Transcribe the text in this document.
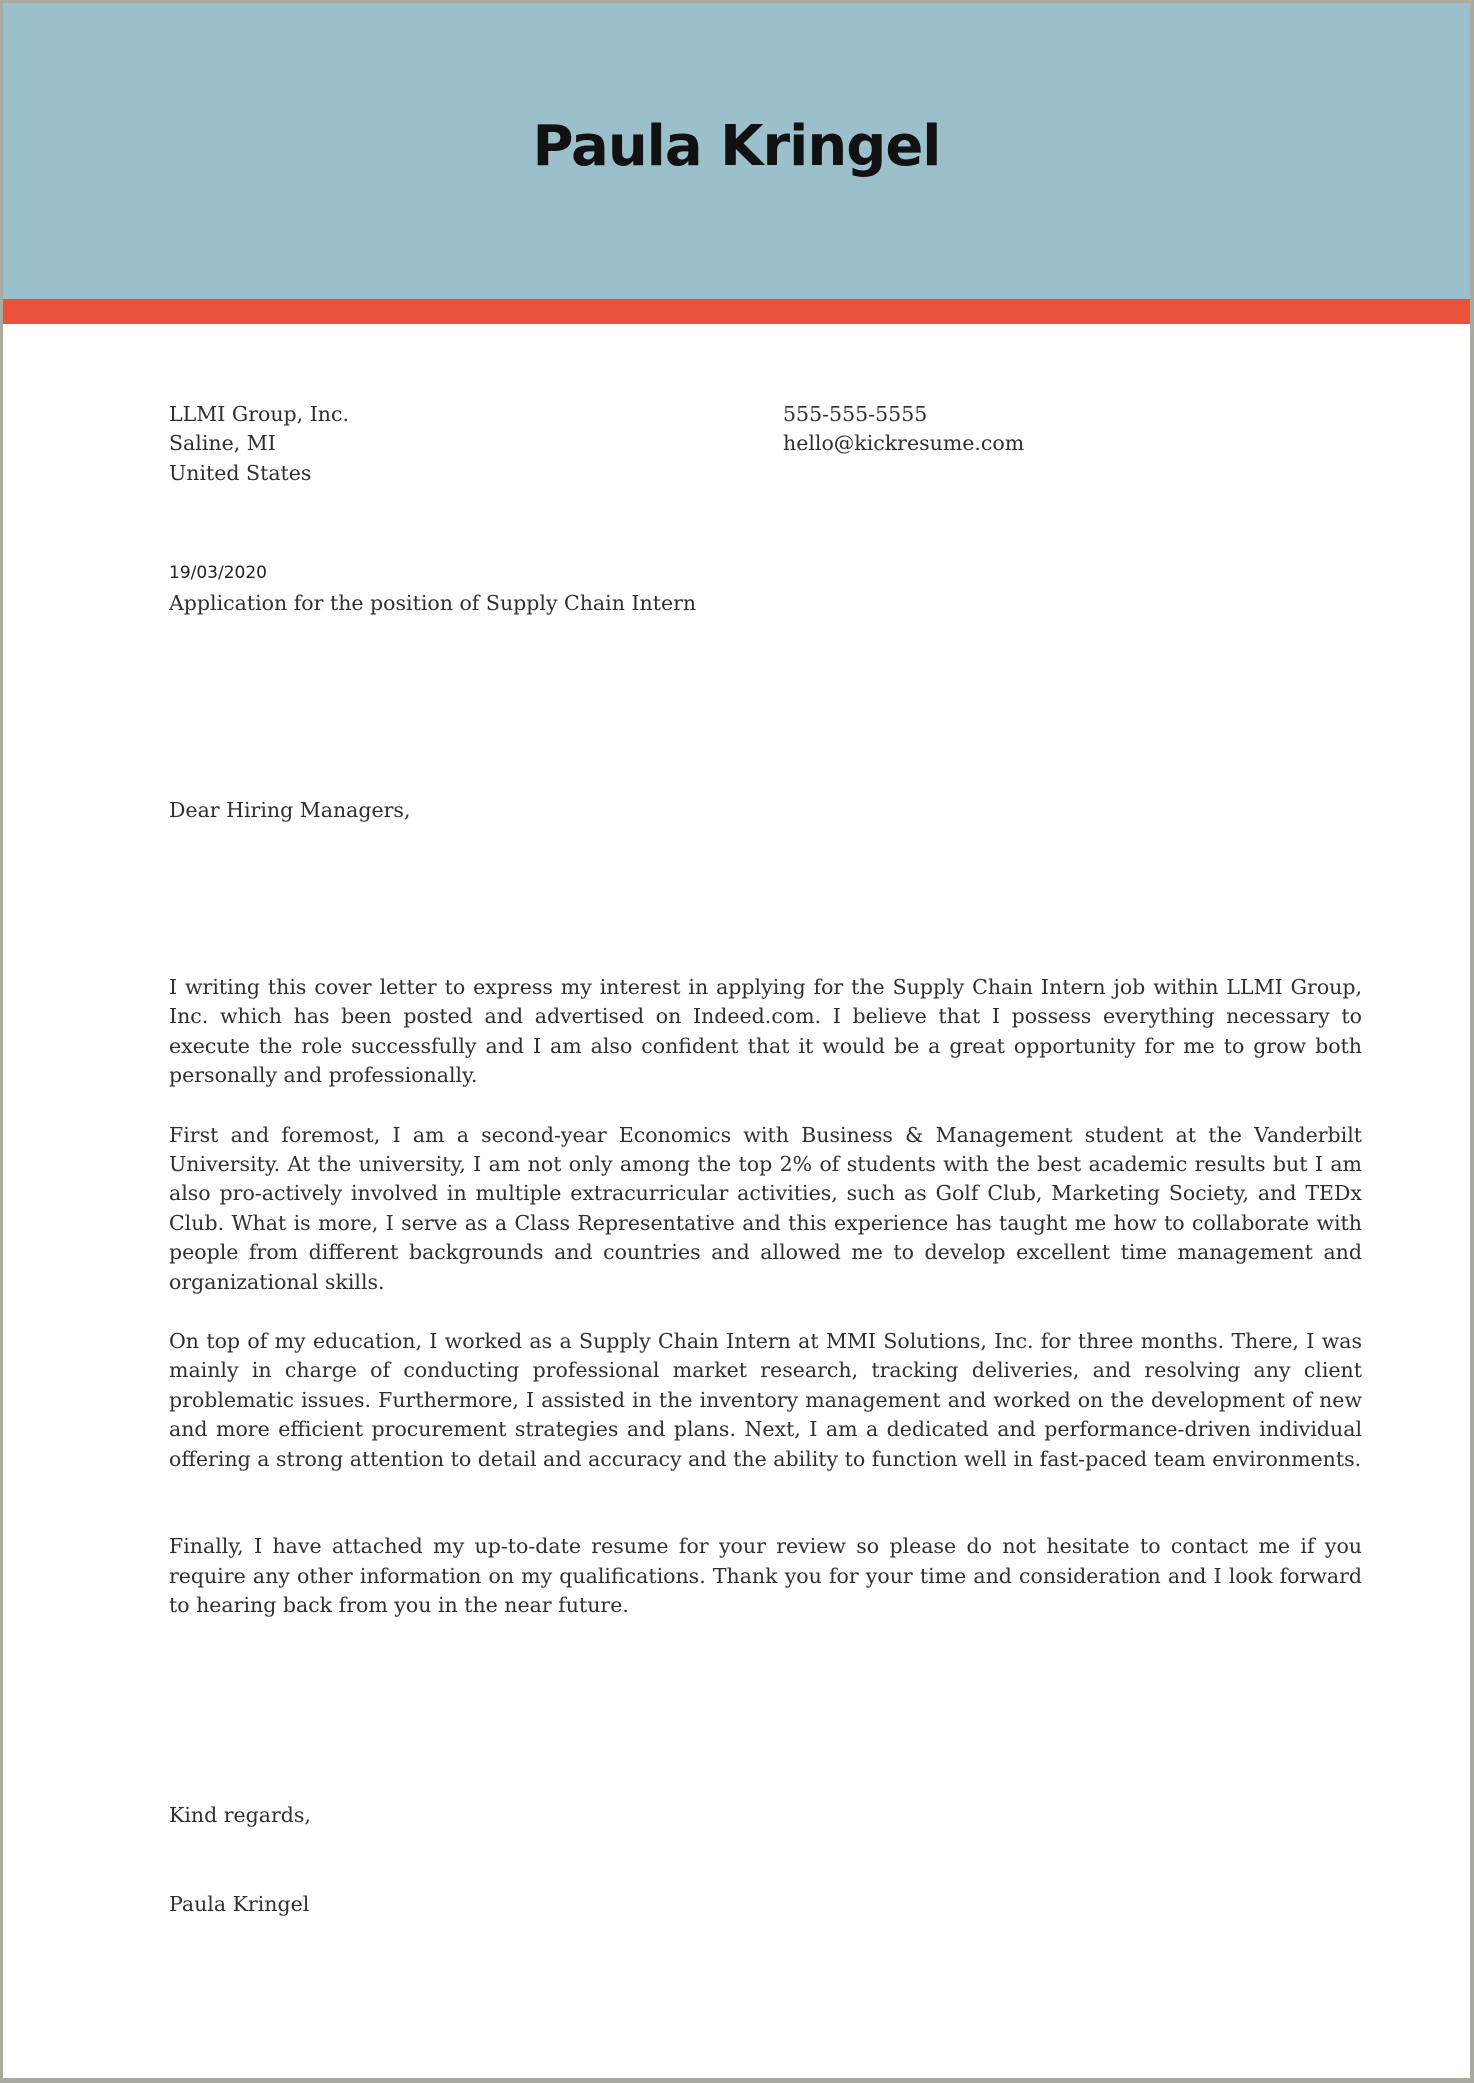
Paula Kringel
LLMI Group, Inc.
Saline, MI
United States
555-555-5555
hello@kickresume.com
19/03/2020
Application for the position of Supply Chain Intern
Dear Hiring Managers,

I writing this cover letter to express my interest in applying for the Supply Chain Intern job within LLMI Group, Inc. which has been posted and advertised on Indeed.com. I believe that I possess everything necessary to execute the role successfully and I am also confident that it would be a great opportunity for me to grow both personally and professionally.

First and foremost, I am a second-year Economics with Business & Management student at the Vanderbilt University. At the university, I am not only among the top 2% of students with the best academic results but I am also pro-actively involved in multiple extracurricular activities, such as Golf Club, Marketing Society, and TEDx Club. What is more, I serve as a Class Representative and this experience has taught me how to collaborate with people from different backgrounds and countries and allowed me to develop excellent time management and organizational skills.

On top of my education, I worked as a Supply Chain Intern at MMI Solutions, Inc. for three months. There, I was mainly in charge of conducting professional market research, tracking deliveries, and resolving any client problematic issues. Furthermore, I assisted in the inventory management and worked on the development of new and more efficient procurement strategies and plans. Next, I am a dedicated and performance-driven individual offering a strong attention to detail and accuracy and the ability to function well in fast-paced team environments.

Finally, I have attached my up-to-date resume for your review so please do not hesitate to contact me if you require any other information on my qualifications. Thank you for your time and consideration and I look forward to hearing back from you in the near future.

Kind regards,
Paula Kringel
